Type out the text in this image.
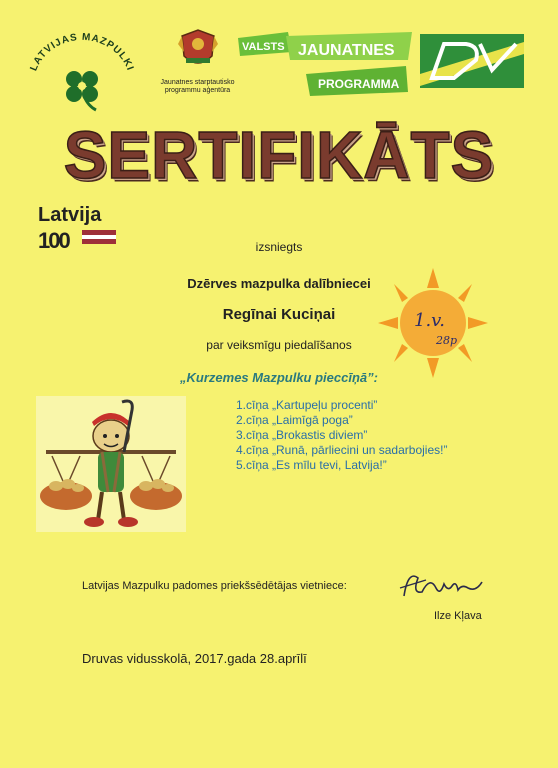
LATVIJAS MAZPULKI
Jaunatnes starptautisko
programmu aģentūra
VALSTS JAUNATNES
PROGRAMMA
SERTIFIKĀTS
Latvija
100	izsniegts
Dzērves mazpulka dalībniecei
Regīnai Kuciņai
par veiksmīgu piedalīšanos
„Kurzemes Mazpulku pieccīņā”:
1.v.
28p
1.cīņa „Kartupeļu procenti”
2.cīņa „Laimīgā poga”
3.cīņa „Brokastis diviem”
4.cīņa „Runā, pārliecini un sadarbojies!”
5.cīņa „Es mīlu tevi, Latvija!”
Latvijas Mazpulku padomes priekšsēdētājas vietniece:
Ilze Kļava
Druvas vidusskolā, 2017.gada 28.aprīlī
